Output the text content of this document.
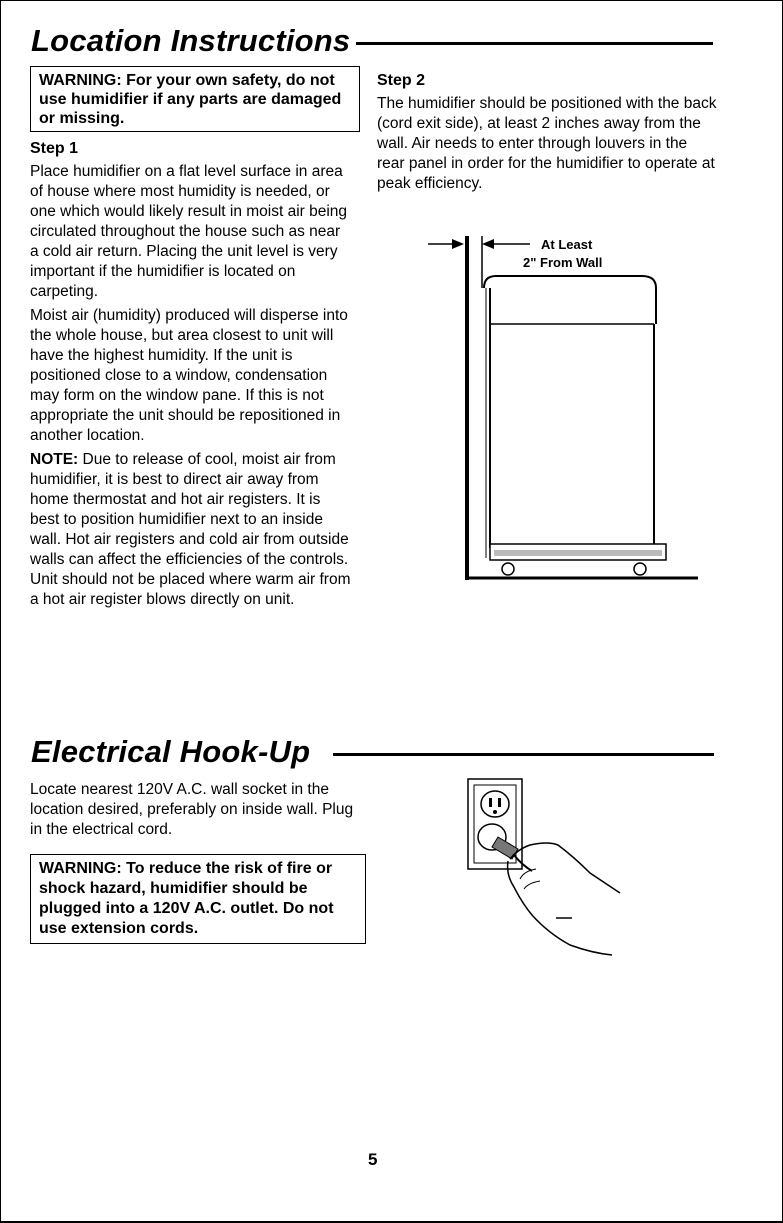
Location Instructions
WARNING: For your own safety, do not use humidifier if any parts are damaged or missing.
Step 1

Place humidifier on a flat level surface in area of house where most humidity is needed, or one which would likely result in moist air being circulated throughout the house such as near a cold air return. Placing the unit level is very important if the humidifier is located on carpeting.

Moist air (humidity) produced will disperse into the whole house, but area closest to unit will have the highest humidity. If the unit is positioned close to a window, condensation may form on the window pane. If this is not appropriate the unit should be repositioned in another location.

NOTE: Due to release of cool, moist air from humidifier, it is best to direct air away from home thermostat and hot air registers. It is best to position humidifier next to an inside wall. Hot air registers and cold air from outside walls can affect the efficiencies of the controls. Unit should not be placed where warm air from a hot air register blows directly on unit.

Step 2

The humidifier should be positioned with the back (cord exit side), at least 2 inches away from the wall. Air needs to enter through louvers in the rear panel in order for the humidifier to operate at peak efficiency.

At Least
2" From Wall
Electrical Hook-Up

Locate nearest 120V A.C. wall socket in the location desired, preferably on inside wall. Plug in the electrical cord.

WARNING: To reduce the risk of fire or shock hazard, humidifier should be plugged into a 120V A.C. outlet. Do not use extension cords.
5
